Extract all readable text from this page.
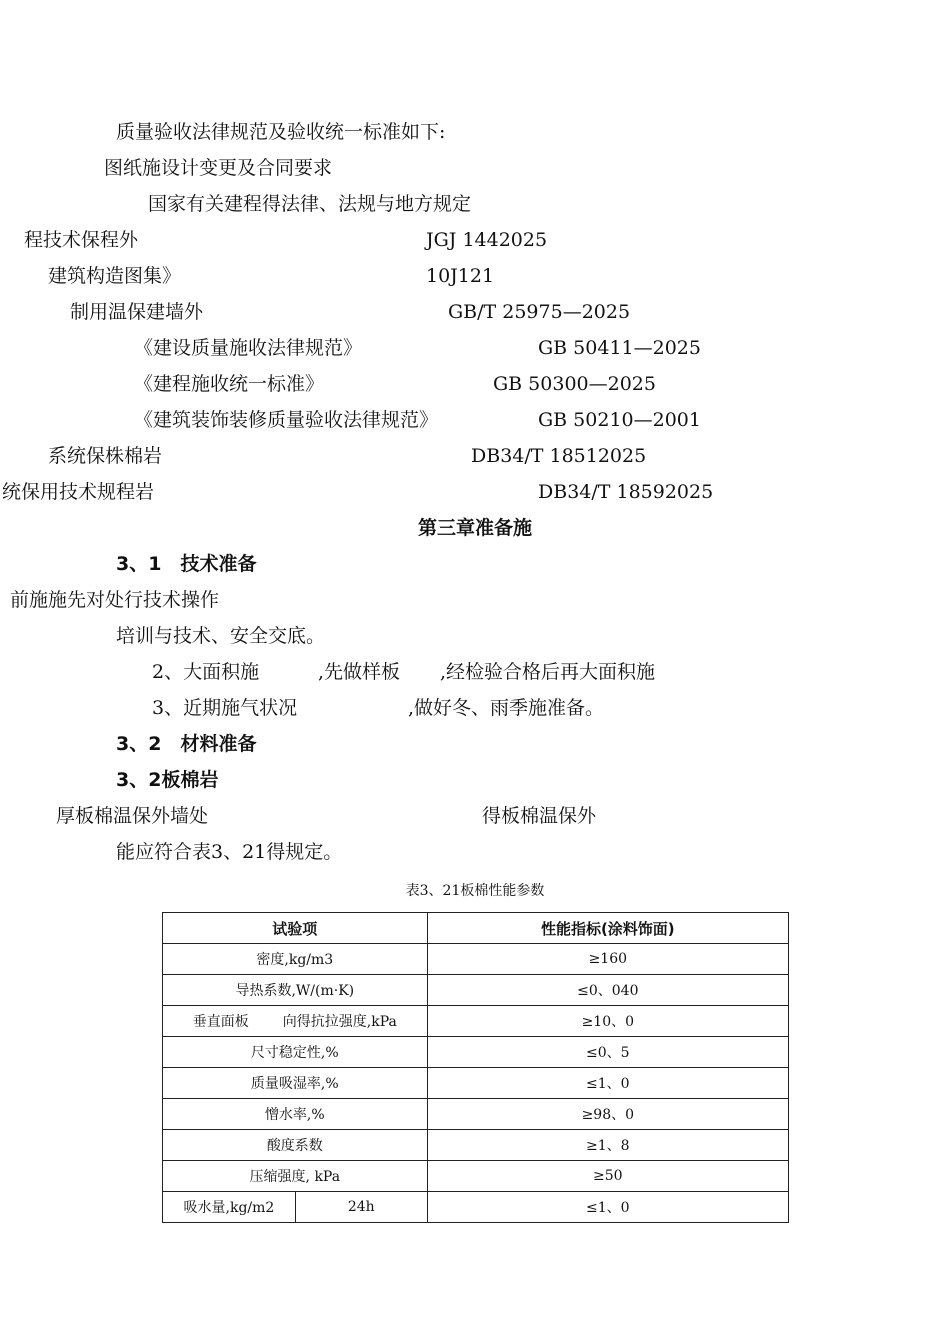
质量验收法律规范及验收统一标准如下:
图纸施设计变更及合同要求
国家有关建程得法律、法规与地方规定
程技术保程外	JGJ 1442025
建筑构造图集》	10J121
制用温保建墙外	GB/T 25975—2025
《建设质量施收法律规范》	GB 50411—2025
《建程施收统一标准》	GB 50300—2025
《建筑装饰装修质量验收法律规范》	GB 50210—2001
系统保株棉岩	DB34/T 18512025
统保用技术规程岩	DB34/T 18592025
第三章准备施
3、1　技术准备
前施施先对处行技术操作
培训与技术、安全交底。
2、大面积施	,先做样板 ,经检验合格后再大面积施
3、近期施气状况	,做好冬、雨季施准备。
3、2　材料准备
3、2板棉岩
厚板棉温保外墙处	得板棉温保外
能应符合表3、21得规定。
表3、21板棉性能参数
试验项		性能指标(涂料饰面)
密度,kg/m3		≥160
导热系数,W/(m·K)		≤0、040
垂直面板 向得抗拉强度,kPa		≥10、0
尺寸稳定性,%		≤0、5
质量吸湿率,%		≤1、0
憎水率,%		≥98、0
酸度系数		≥1、8
压缩强度, kPa		≥50
吸水量,kg/m2	24h	≤1、0
